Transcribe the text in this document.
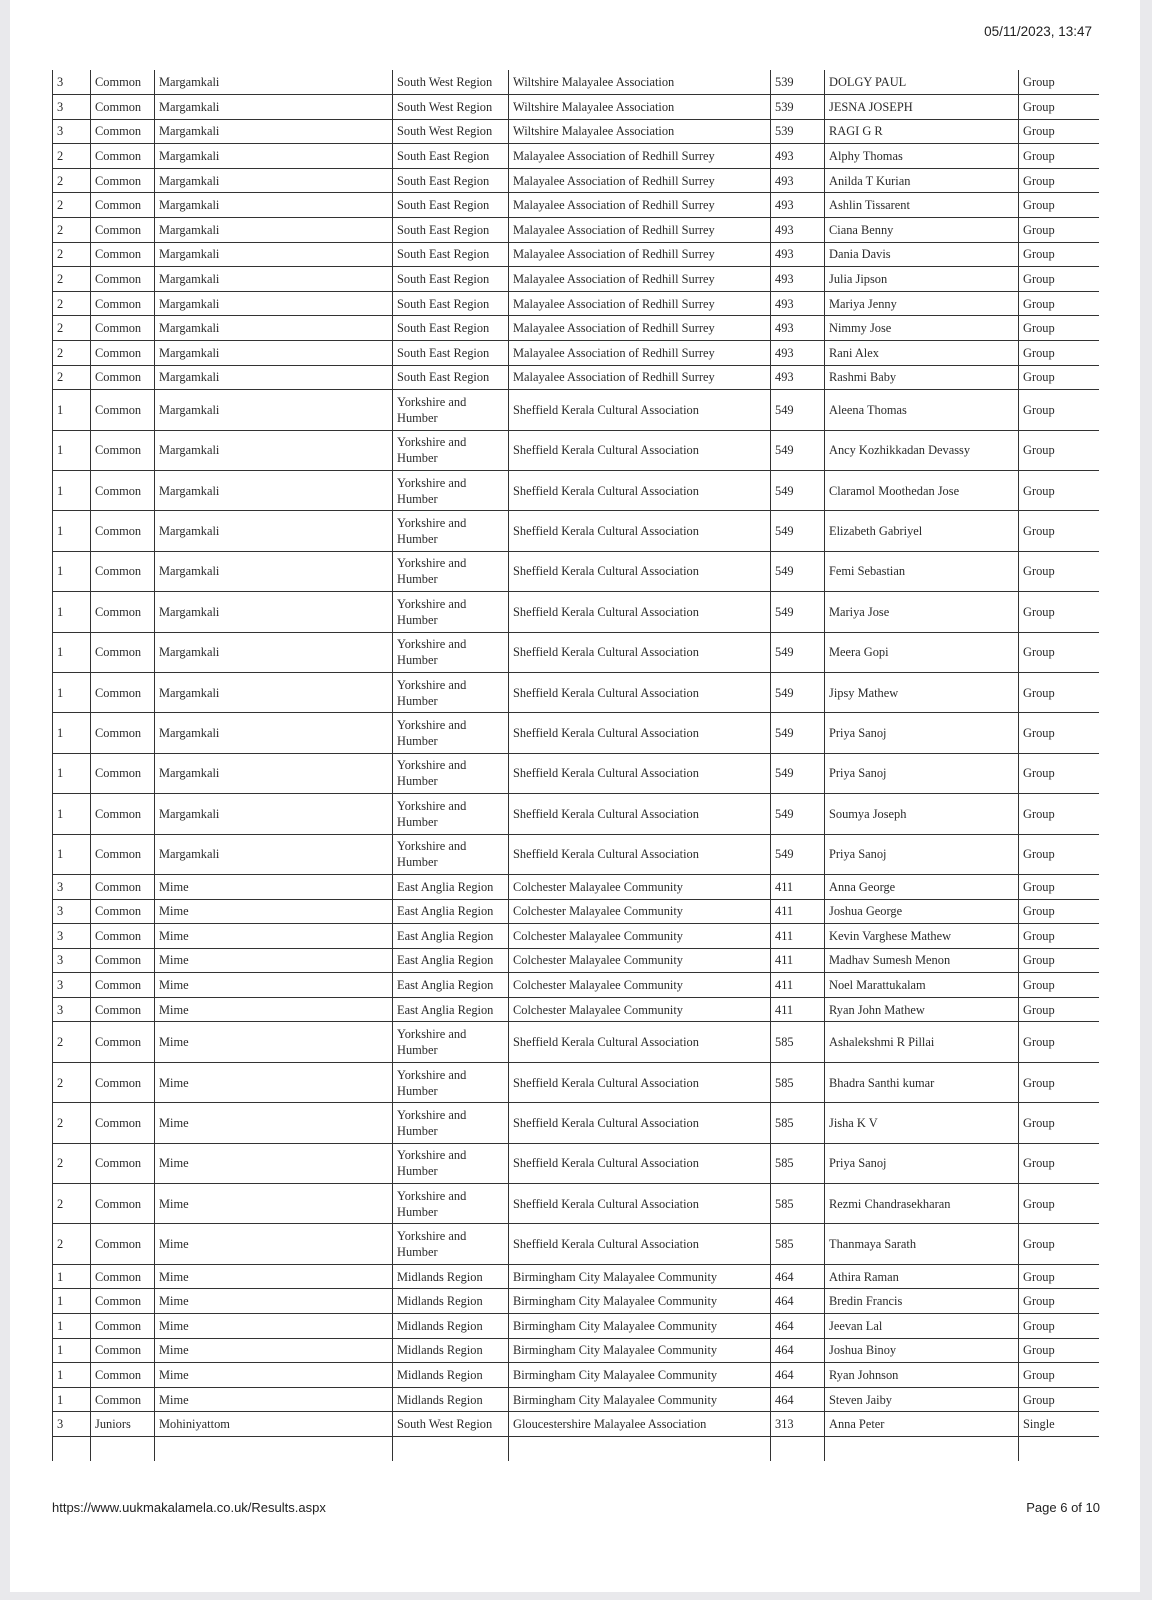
05/11/2023, 13:47
3	Common	Margamkali	South West Region	Wiltshire Malayalee Association	539	DOLGY PAUL	Group
3	Common	Margamkali	South West Region	Wiltshire Malayalee Association	539	JESNA JOSEPH	Group
3	Common	Margamkali	South West Region	Wiltshire Malayalee Association	539	RAGI G R	Group
2	Common	Margamkali	South East Region	Malayalee Association of Redhill Surrey	493	Alphy Thomas	Group
2	Common	Margamkali	South East Region	Malayalee Association of Redhill Surrey	493	Anilda T Kurian	Group
2	Common	Margamkali	South East Region	Malayalee Association of Redhill Surrey	493	Ashlin Tissarent	Group
2	Common	Margamkali	South East Region	Malayalee Association of Redhill Surrey	493	Ciana Benny	Group
2	Common	Margamkali	South East Region	Malayalee Association of Redhill Surrey	493	Dania Davis	Group
2	Common	Margamkali	South East Region	Malayalee Association of Redhill Surrey	493	Julia Jipson	Group
2	Common	Margamkali	South East Region	Malayalee Association of Redhill Surrey	493	Mariya Jenny	Group
2	Common	Margamkali	South East Region	Malayalee Association of Redhill Surrey	493	Nimmy Jose	Group
2	Common	Margamkali	South East Region	Malayalee Association of Redhill Surrey	493	Rani Alex	Group
2	Common	Margamkali	South East Region	Malayalee Association of Redhill Surrey	493	Rashmi Baby	Group
1	Common	Margamkali	Yorkshire and Humber	Sheffield Kerala Cultural Association	549	Aleena Thomas	Group
1	Common	Margamkali	Yorkshire and Humber	Sheffield Kerala Cultural Association	549	Ancy Kozhikkadan Devassy	Group
1	Common	Margamkali	Yorkshire and Humber	Sheffield Kerala Cultural Association	549	Claramol Moothedan Jose	Group
1	Common	Margamkali	Yorkshire and Humber	Sheffield Kerala Cultural Association	549	Elizabeth Gabriyel	Group
1	Common	Margamkali	Yorkshire and Humber	Sheffield Kerala Cultural Association	549	Femi Sebastian	Group
1	Common	Margamkali	Yorkshire and Humber	Sheffield Kerala Cultural Association	549	Mariya Jose	Group
1	Common	Margamkali	Yorkshire and Humber	Sheffield Kerala Cultural Association	549	Meera Gopi	Group
1	Common	Margamkali	Yorkshire and Humber	Sheffield Kerala Cultural Association	549	Jipsy Mathew	Group
1	Common	Margamkali	Yorkshire and Humber	Sheffield Kerala Cultural Association	549	Priya Sanoj	Group
1	Common	Margamkali	Yorkshire and Humber	Sheffield Kerala Cultural Association	549	Priya Sanoj	Group
1	Common	Margamkali	Yorkshire and Humber	Sheffield Kerala Cultural Association	549	Soumya Joseph	Group
1	Common	Margamkali	Yorkshire and Humber	Sheffield Kerala Cultural Association	549	Priya Sanoj	Group
3	Common	Mime	East Anglia Region	Colchester Malayalee Community	411	Anna George	Group
3	Common	Mime	East Anglia Region	Colchester Malayalee Community	411	Joshua George	Group
3	Common	Mime	East Anglia Region	Colchester Malayalee Community	411	Kevin Varghese Mathew	Group
3	Common	Mime	East Anglia Region	Colchester Malayalee Community	411	Madhav Sumesh Menon	Group
3	Common	Mime	East Anglia Region	Colchester Malayalee Community	411	Noel Marattukalam	Group
3	Common	Mime	East Anglia Region	Colchester Malayalee Community	411	Ryan John Mathew	Group
2	Common	Mime	Yorkshire and Humber	Sheffield Kerala Cultural Association	585	Ashalekshmi R Pillai	Group
2	Common	Mime	Yorkshire and Humber	Sheffield Kerala Cultural Association	585	Bhadra Santhi kumar	Group
2	Common	Mime	Yorkshire and Humber	Sheffield Kerala Cultural Association	585	Jisha K V	Group
2	Common	Mime	Yorkshire and Humber	Sheffield Kerala Cultural Association	585	Priya Sanoj	Group
2	Common	Mime	Yorkshire and Humber	Sheffield Kerala Cultural Association	585	Rezmi Chandrasekharan	Group
2	Common	Mime	Yorkshire and Humber	Sheffield Kerala Cultural Association	585	Thanmaya Sarath	Group
1	Common	Mime	Midlands Region	Birmingham City Malayalee Community	464	Athira Raman	Group
1	Common	Mime	Midlands Region	Birmingham City Malayalee Community	464	Bredin Francis	Group
1	Common	Mime	Midlands Region	Birmingham City Malayalee Community	464	Jeevan Lal	Group
1	Common	Mime	Midlands Region	Birmingham City Malayalee Community	464	Joshua Binoy	Group
1	Common	Mime	Midlands Region	Birmingham City Malayalee Community	464	Ryan Johnson	Group
1	Common	Mime	Midlands Region	Birmingham City Malayalee Community	464	Steven Jaiby	Group
3	Juniors	Mohiniyattom	South West Region	Gloucestershire Malayalee Association	313	Anna Peter	Single

https://www.uukmakalamela.co.uk/Results.aspx	Page 6 of 10
